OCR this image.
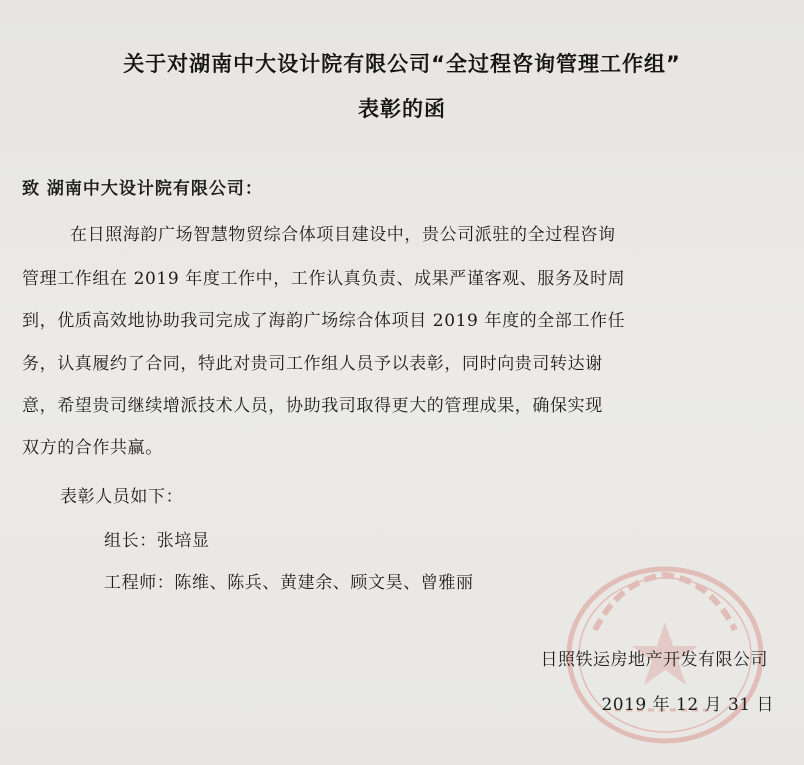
关于对湖南中大设计院有限公司“全过程咨询管理工作组”
表彰的函
致 湖南中大设计院有限公司：
在日照海韵广场智慧物贸综合体项目建设中，贵公司派驻的全过程咨询
管理工作组在 2019 年度工作中，工作认真负责、成果严谨客观、服务及时周
到，优质高效地协助我司完成了海韵广场综合体项目 2019 年度的全部工作任
务，认真履约了合同，特此对贵司工作组人员予以表彰，同时向贵司转达谢
意，希望贵司继续增派技术人员，协助我司取得更大的管理成果，确保实现
双方的合作共赢。
表彰人员如下：
组长：张培显
工程师：陈维、陈兵、黄建余、顾文昊、曾雅丽
日照铁运房地产开发有限公司
2019 年 12 月 31 日
